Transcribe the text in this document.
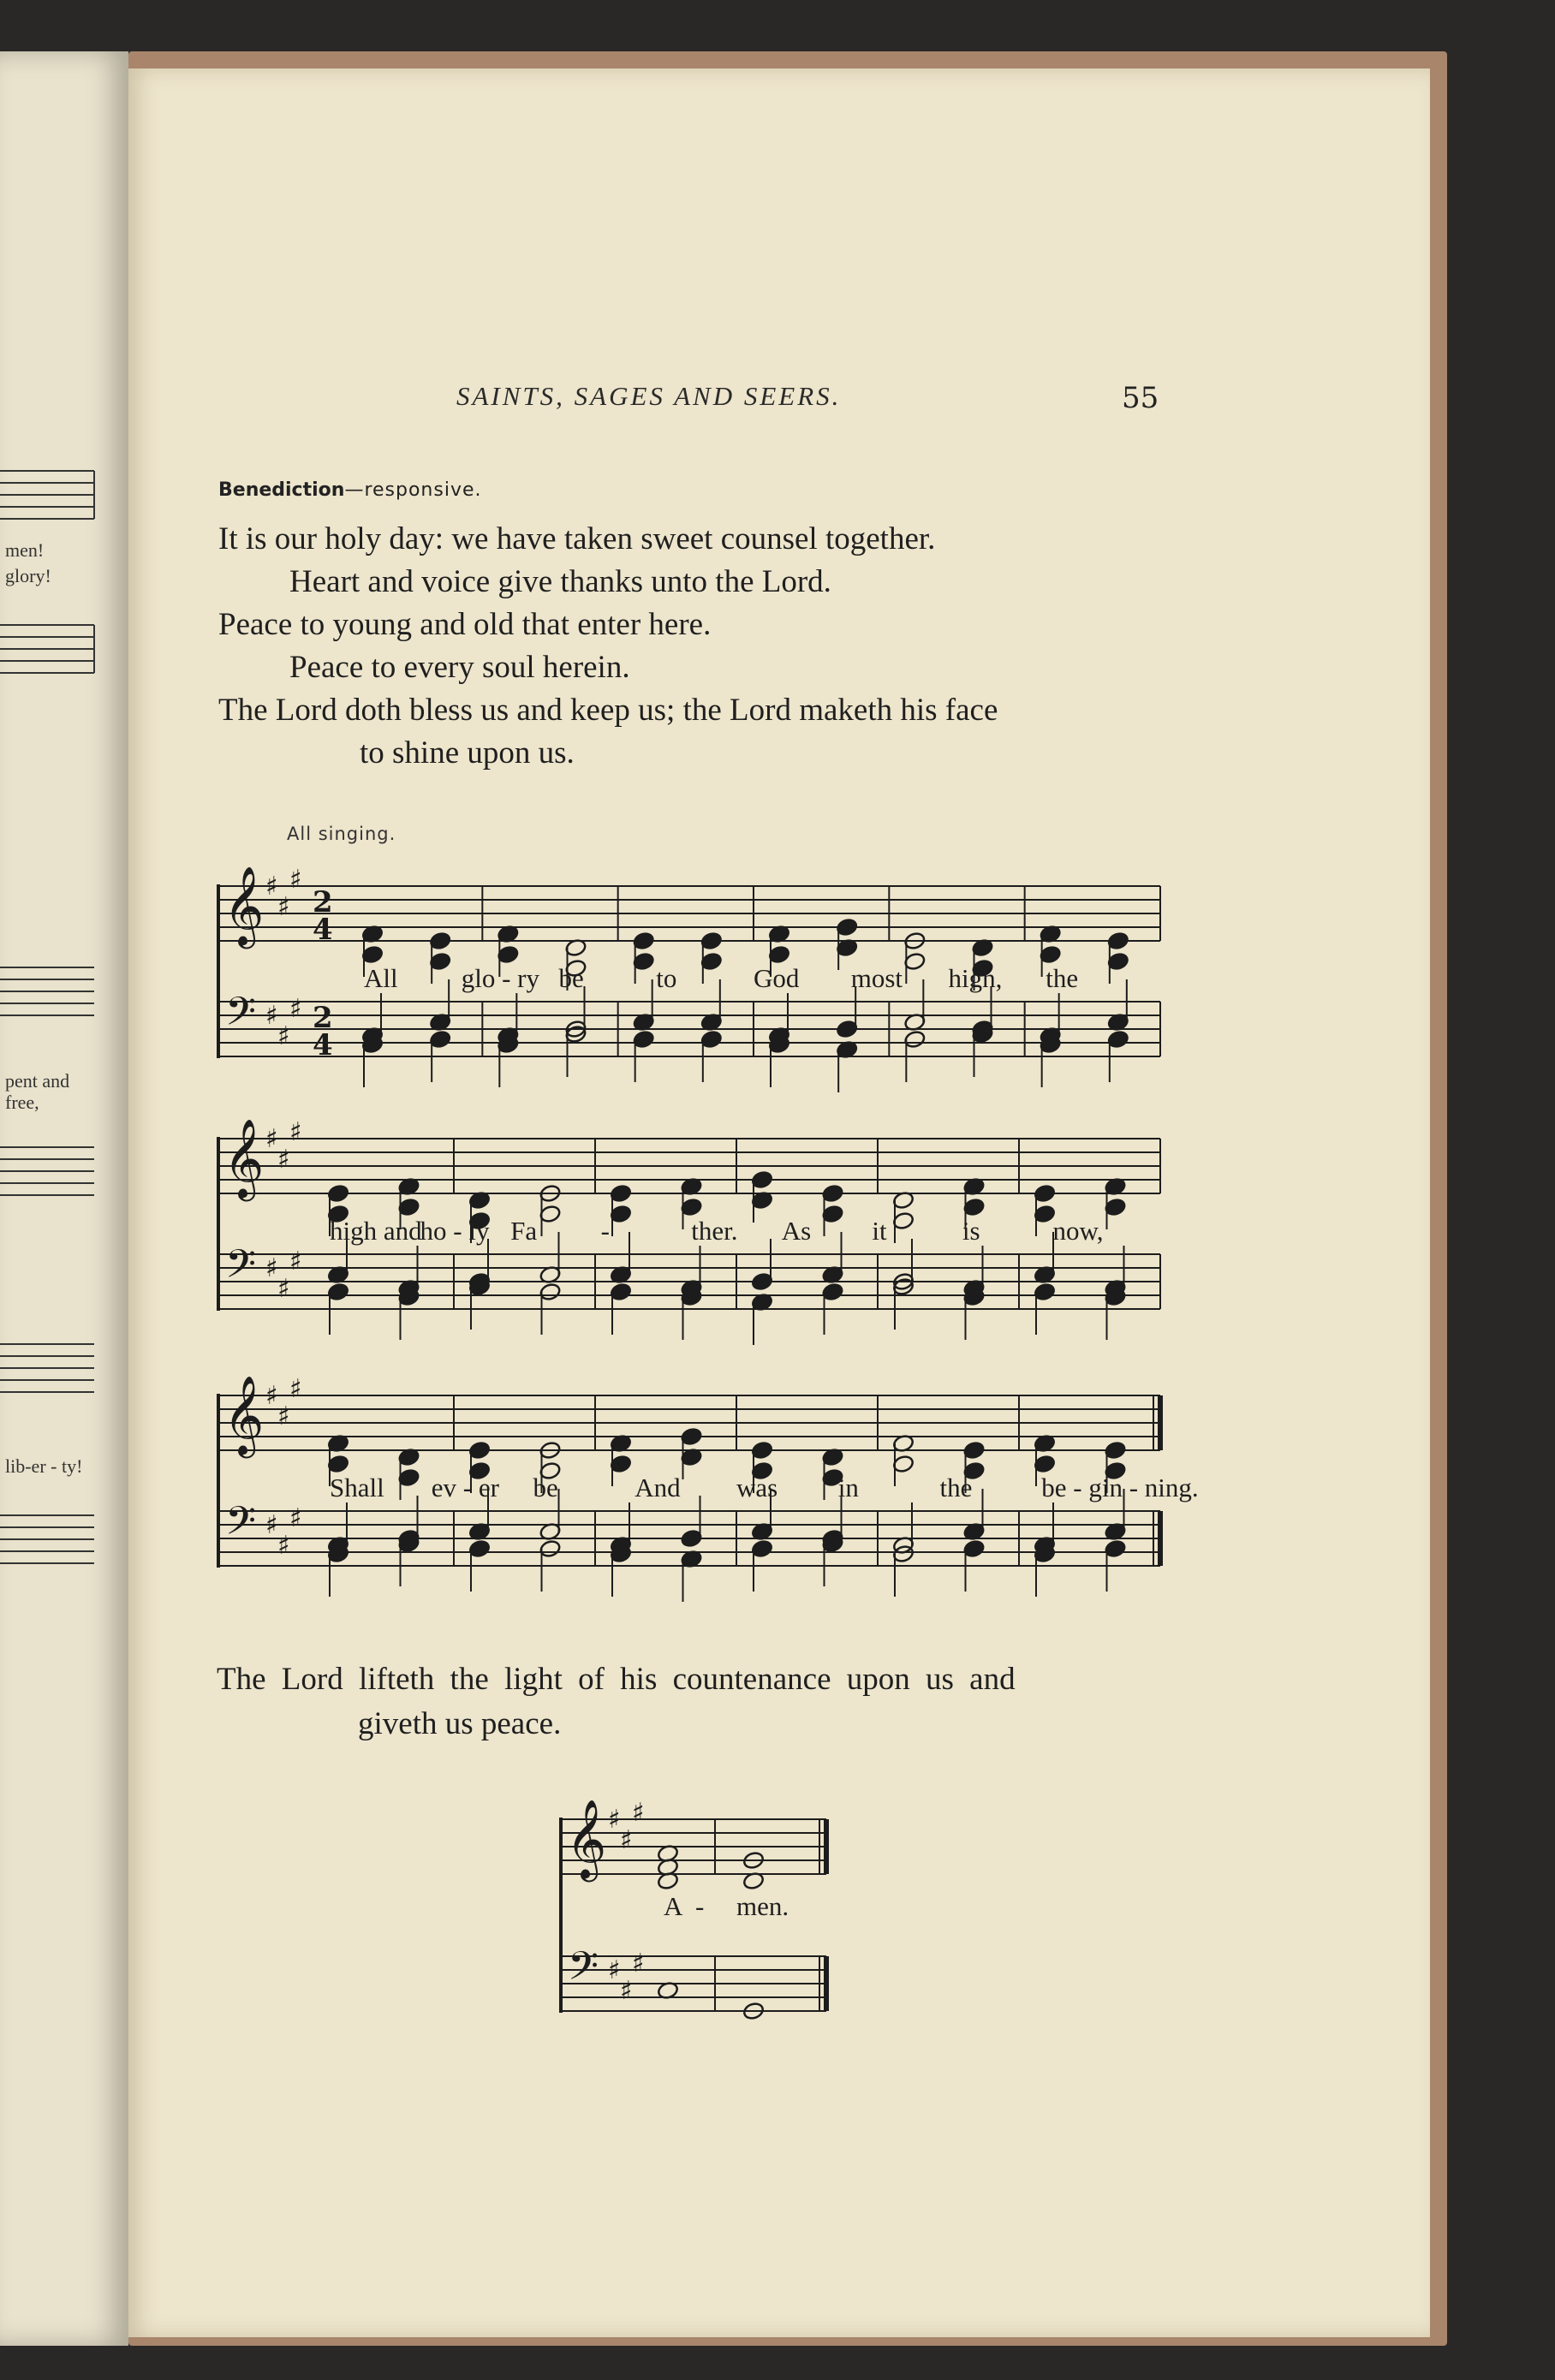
men!
glory!
pent and free,
lib-er - ty!
SAINTS, SAGES AND SEERS.	55
Benediction—responsive.
It is our holy day: we have taken sweet counsel together.
Heart and voice give thanks unto the Lord.
Peace to young and old that enter here.
Peace to every soul herein.
The Lord doth bless us and keep us; the Lord maketh his face
to shine upon us.
All singing.
The Lord lifteth the light of his countenance upon us and
giveth us peace.
𝄞
𝄢
♯
♯
♯
♯
♯
♯
2
4
2
4
All glo - ry be	to	God most high, the
𝄞
𝄢
♯
♯
♯
♯
♯
♯
high and
ho - ly Fa -	ther. As it	is	now,
𝄞
𝄢
♯
♯
♯
♯
♯
♯
Shall ev - er be	And was in	the	be - gin - ning.
𝄞
𝄢
♯
♯
♯
♯
♯
♯
A - men.
